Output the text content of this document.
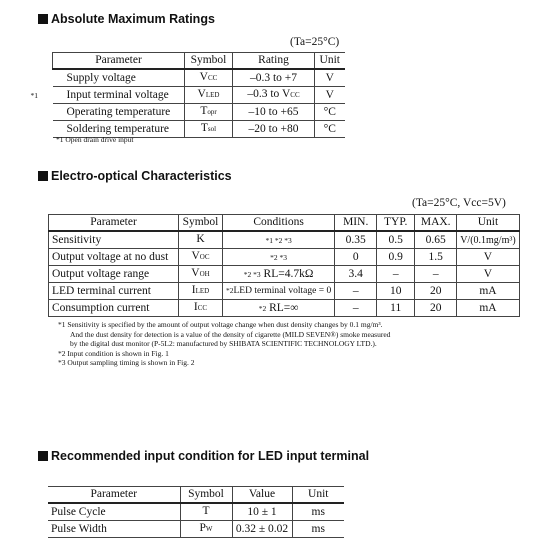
Absolute Maximum Ratings
(Ta=25°C)
Parameter	Symbol	Rating	Unit
Supply voltage	VCC	–0.3 to +7	V

*1 Input terminal voltage	VLED	–0.3 to VCC	V
Operating temperature	Topr	–10 to +65	°C
Soldering temperature	Tsol	–20 to +80	°C
*1 Open drain drive input
Electro-optical Characteristics
(Ta=25°C, Vcc=5V)
Parameter	Symbol	Conditions	MIN.	TYP.	MAX.	Unit
Sensitivity	K	*1 *2 *3	0.35	0.5	0.65	V/(0.1mg/m³)
Output voltage at no dust	VOC	*2 *3	0	0.9	1.5	V
Output voltage range	VOH	*2 *3 RL=4.7kΩ	3.4	–	–	V
LED terminal current	ILED	*2LED terminal voltage = 0	–	10	20	mA
Consumption current	ICC	*2 RL=∞	–	11	20	mA
*1 Sensitivity is specified by the amount of output voltage change when dust density changes by 0.1 mg/m³.
And the dust density for detection is a value of the density of cigarette (MILD SEVEN®) smoke measured
by the digital dust monitor (P-5L2: manufactured by SHIBATA SCIENTIFIC TECHNOLOGY LTD.).
*2 Input condition is shown in Fig. 1
*3 Output sampling timing is shown in Fig. 2
Recommended input condition for LED input terminal
Parameter	Symbol	Value	Unit
Pulse Cycle	T	10 ± 1	ms
Pulse Width	PW	0.32 ± 0.02	ms
